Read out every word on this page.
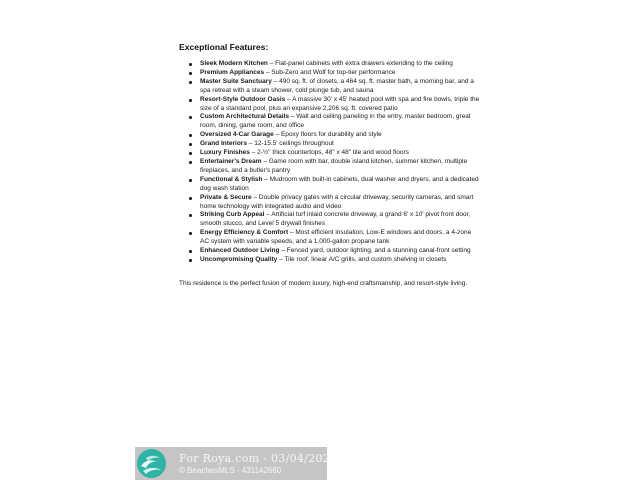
Exceptional Features:
Sleek Modern Kitchen – Flat-panel cabinets with extra drawers extending to the ceiling
Premium Appliances – Sub-Zero and Wolf for top-tier performance
Master Suite Sanctuary – 490 sq. ft. of closets, a 464 sq. ft. master bath, a morning bar, and a spa retreat with a steam shower, cold plunge tub, and sauna
Resort-Style Outdoor Oasis – A massive 30' x 45' heated pool with spa and fire bowls, triple the size of a standard pool, plus an expansive 2,206 sq. ft. covered patio
Custom Architectural Details – Wall and ceiling paneling in the entry, master bedroom, great room, dining, game room, and office
Oversized 4-Car Garage – Epoxy floors for durability and style
Grand Interiors – 12-15.5' ceilings throughout
Luxury Finishes – 2-½" thick countertops, 48" x 48" tile and wood floors
Entertainer's Dream – Game room with bar, double island kitchen, summer kitchen, multiple fireplaces, and a butler's pantry
Functional & Stylish – Mudroom with built-in cabinets, dual washer and dryers, and a dedicated dog wash station
Private & Secure – Double privacy gates with a circular driveway, security cameras, and smart home technology with integrated audio and video
Striking Curb Appeal – Artificial turf inlaid concrete driveway, a grand 6' x 10' pivot front door, smooth stucco, and Level 5 drywall finishes
Energy Efficiency & Comfort – Most efficient insulation, Low-E windows and doors, a 4-zone AC system with variable speeds, and a 1,000-gallon propane tank
Enhanced Outdoor Living – Fenced yard, outdoor lighting, and a stunning canal-front setting
Uncompromising Quality – Tile roof, linear A/C grills, and custom shelving in closets

This residence is the perfect fusion of modern luxury, high-end craftsmanship, and resort-style living.

For Roya.com - 03/04/2025
© BeachesMLS - 431142660
